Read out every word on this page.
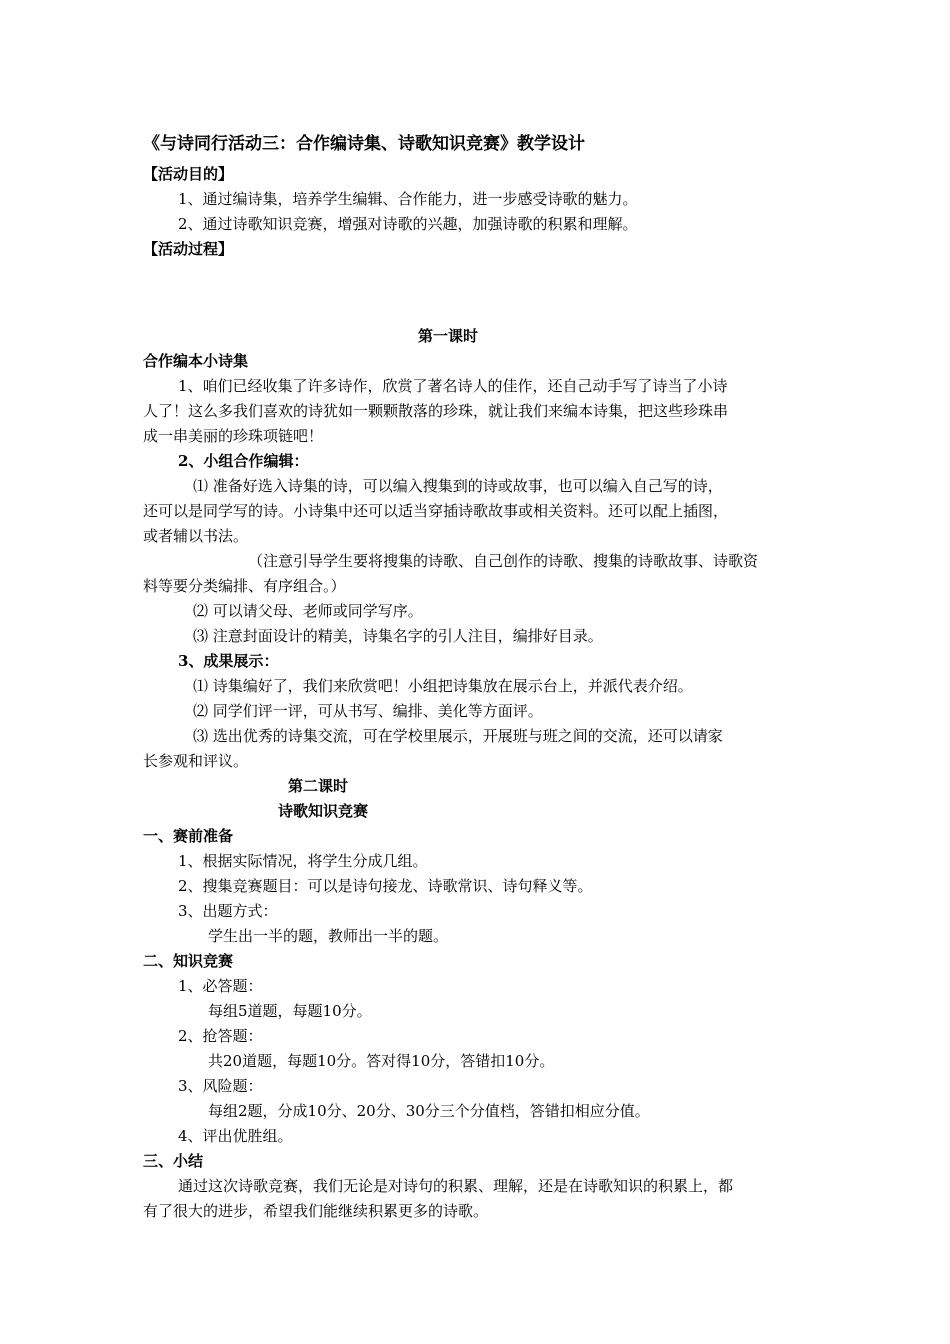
《与诗同行活动三：合作编诗集、诗歌知识竞赛》教学设计
【活动目的】
1、通过编诗集，培养学生编辑、合作能力，进一步感受诗歌的魅力。
2、通过诗歌知识竞赛，增强对诗歌的兴趣，加强诗歌的积累和理解。
【活动过程】
第一课时
合作编本小诗集
1、咱们已经收集了许多诗作，欣赏了著名诗人的佳作，还自己动手写了诗当了小诗
人了！这么多我们喜欢的诗犹如一颗颗散落的珍珠，就让我们来编本诗集，把这些珍珠串
成一串美丽的珍珠项链吧！
2、小组合作编辑：
⑴ 准备好选入诗集的诗，可以编入搜集到的诗或故事，也可以编入自己写的诗，
还可以是同学写的诗。小诗集中还可以适当穿插诗歌故事或相关资料。还可以配上插图，
或者辅以书法。
（注意引导学生要将搜集的诗歌、自己创作的诗歌、搜集的诗歌故事、诗歌资
料等要分类编排、有序组合。）
⑵ 可以请父母、老师或同学写序。
⑶ 注意封面设计的精美，诗集名字的引人注目，编排好目录。
3、成果展示：
⑴ 诗集编好了，我们来欣赏吧！小组把诗集放在展示台上，并派代表介绍。
⑵ 同学们评一评，可从书写、编排、美化等方面评。
⑶ 选出优秀的诗集交流，可在学校里展示，开展班与班之间的交流，还可以请家
长参观和评议。
第二课时
诗歌知识竞赛
一、赛前准备
1、根据实际情况，将学生分成几组。
2、搜集竞赛题目：可以是诗句接龙、诗歌常识、诗句释义等。
3、出题方式：
学生出一半的题，教师出一半的题。
二、知识竞赛
1、必答题：
每组5道题，每题10分。
2、抢答题：
共20道题，每题10分。答对得10分，答错扣10分。
3、风险题：
每组2题，分成10分、20分、30分三个分值档，答错扣相应分值。
4、评出优胜组。
三、小结
通过这次诗歌竞赛，我们无论是对诗句的积累、理解，还是在诗歌知识的积累上，都
有了很大的进步，希望我们能继续积累更多的诗歌。
